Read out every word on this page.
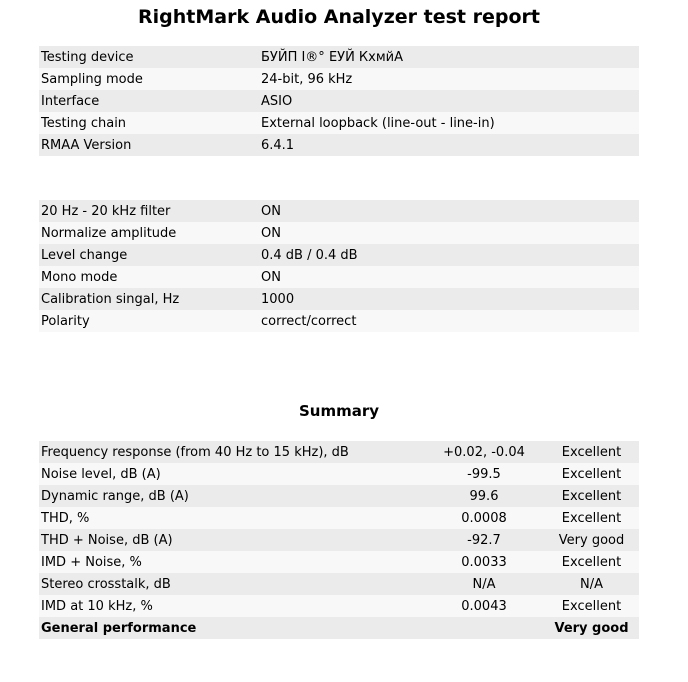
RightMark Audio Analyzer test report
Testing device	БУЙП I®° ЕУЙ КхмйА
Sampling mode	24-bit, 96 kHz
Interface	ASIO
Testing chain	External loopback (line-out - line-in)
RMAA Version	6.4.1
20 Hz - 20 kHz filter	ON
Normalize amplitude	ON
Level change	0.4 dB / 0.4 dB
Mono mode	ON
Calibration singal, Hz	1000
Polarity	correct/correct
Summary
Frequency response (from 40 Hz to 15 kHz), dB	+0.02, -0.04	Excellent
Noise level, dB (A)	-99.5	Excellent
Dynamic range, dB (A)	99.6	Excellent
THD, %	0.0008	Excellent
THD + Noise, dB (A)	-92.7	Very good
IMD + Noise, %	0.0033	Excellent
Stereo crosstalk, dB	N/A	N/A
IMD at 10 kHz, %	0.0043	Excellent
General performance		Very good
